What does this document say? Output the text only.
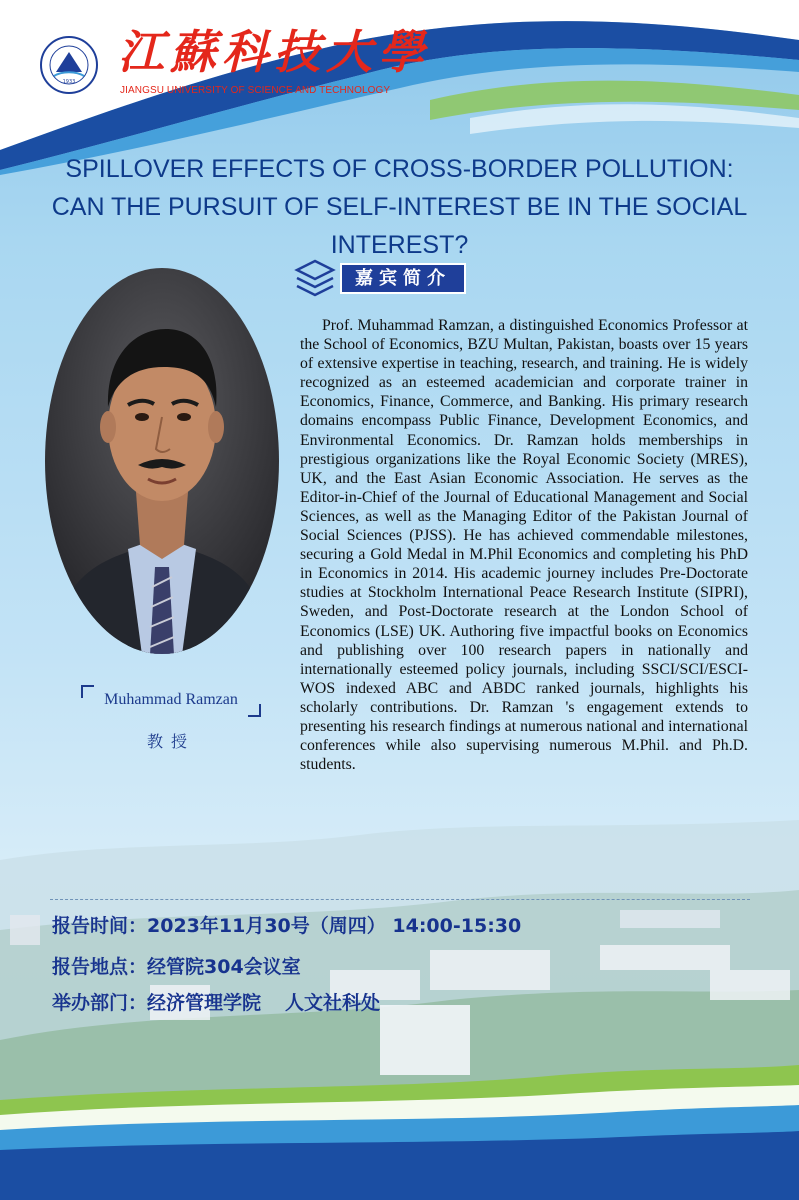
1933
江蘇科技大學
JIANGSU UNIVERSITY OF SCIENCE AND TECHNOLOGY
SPILLOVER EFFECTS OF CROSS-BORDER POLLUTION:
CAN THE PURSUIT OF SELF-INTEREST BE IN THE SOCIAL INTEREST?
嘉宾简介
Muhammad Ramzan
教授

Prof. Muhammad Ramzan, a distinguished Economics Professor at the School of Economics, BZU Multan, Pakistan, boasts over 15 years of extensive expertise in teaching, research, and training. He is widely recognized as an esteemed academician and corporate trainer in Economics, Finance, Commerce, and Banking. His primary research domains encompass Public Finance, Development Economics, and Environmental Economics. Dr. Ramzan holds memberships in prestigious organizations like the Royal Economic Society (MRES), UK, and the East Asian Economic Association. He serves as the Editor-in-Chief of the Journal of Educational Management and Social Sciences, as well as the Managing Editor of the Pakistan Journal of Social Sciences (PJSS). He has achieved commendable milestones, securing a Gold Medal in M.Phil Economics and completing his PhD in Economics in 2014. His academic journey includes Pre-Doctorate studies at Stockholm International Peace Research Institute (SIPRI), Sweden, and Post-Doctorate research at the London School of Economics (LSE) UK. Authoring five impactful books on Economics and publishing over 100 research papers in nationally and internationally esteemed policy journals, including SSCI/SCI/ESCI-WOS indexed ABC and ABDC ranked journals, highlights his scholarly contributions. Dr. Ramzan 's engagement extends to presenting his research findings at numerous national and international conferences while also supervising numerous M.Phil. and Ph.D. students.

报告时间：2023年11月30号（周四） 14:00-15:30
报告地点：经管院304会议室
举办部门：经济管理学院 人文社科处
